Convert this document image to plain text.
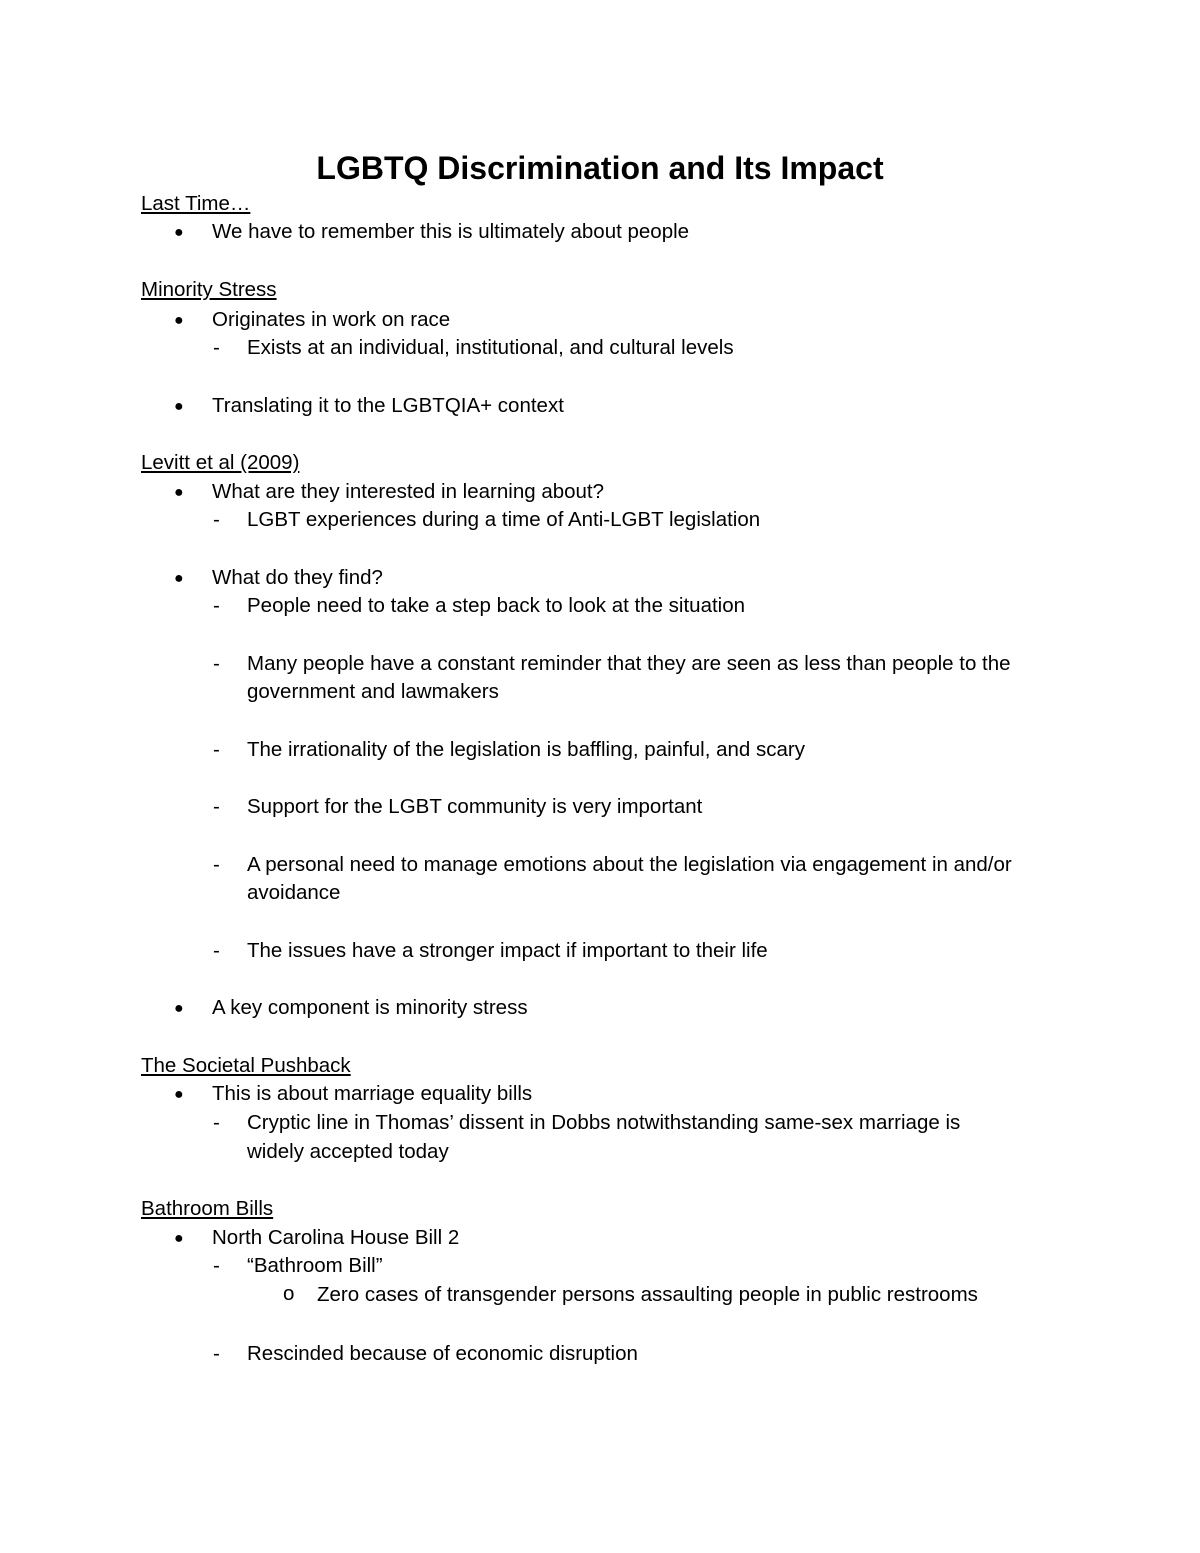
LGBTQ Discrimination and Its Impact
Last Time…
● We have to remember this is ultimately about people
Minority Stress
● Originates in work on race
- Exists at an individual, institutional, and cultural levels
● Translating it to the LGBTQIA+ context
Levitt et al (2009)
● What are they interested in learning about?
- LGBT experiences during a time of Anti-LGBT legislation
● What do they find?
- People need to take a step back to look at the situation
- Many people have a constant reminder that they are seen as less than people to the
government and lawmakers
- The irrationality of the legislation is baffling, painful, and scary
- Support for the LGBT community is very important
- A personal need to manage emotions about the legislation via engagement in and/or
avoidance
- The issues have a stronger impact if important to their life
● A key component is minority stress
The Societal Pushback
● This is about marriage equality bills
- Cryptic line in Thomas’ dissent in Dobbs notwithstanding same-sex marriage is
widely accepted today
Bathroom Bills
● North Carolina House Bill 2
- “Bathroom Bill”
o Zero cases of transgender persons assaulting people in public restrooms
- Rescinded because of economic disruption
